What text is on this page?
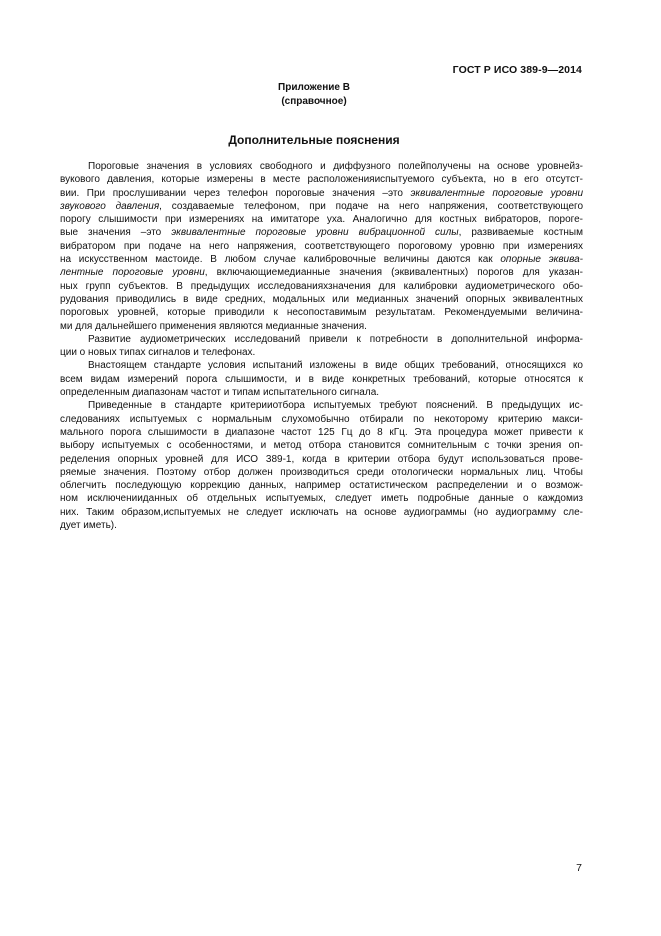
ГОСТ Р ИСО 389-9—2014
Приложение В
(справочное)
Дополнительные пояснения
Пороговые значения в условиях свободного и диффузного полейполучены на основе уровнейз-
вукового давления, которые измерены в месте расположенияиспытуемого субъекта, но в его отсутст-
вии. При прослушивании через телефон пороговые значения –это эквивалентные пороговые уровни
звукового давления, создаваемые телефоном, при подаче на него напряжения, соответствующего
порогу слышимости при измерениях на имитаторе уха. Аналогично для костных вибраторов, пороге-
вые значения –это эквивалентные пороговые уровни вибрационной силы, развиваемые костным
вибратором при подаче на него напряжения, соответствующего пороговому уровню при измерениях
на искусственном мастоиде. В любом случае калибровочные величины даются как опорные эквива-
лентные пороговые уровни, включающиемедианные значения (эквивалентных) порогов для указан-
ных групп субъектов. В предыдущих исследованияхзначения для калибровки аудиометрического обо-
рудования приводились в виде средних, модальных или медианных значений опорных эквивалентных
пороговых уровней, которые приводили к несопоставимым результатам. Рекомендуемыми величина-
ми для дальнейшего применения являются медианные значения.
Развитие аудиометрических исследований привели к потребности в дополнительной информа-
ции о новых типах сигналов и телефонах.
Внастоящем стандарте условия испытаний изложены в виде общих требований, относящихся ко
всем видам измерений порога слышимости, и в виде конкретных требований, которые относятся к
определенным диапазонам частот и типам испытательного сигнала.
Приведенные в стандарте критерииотбора испытуемых требуют пояснений. В предыдущих ис-
следованиях испытуемых с нормальным слухомобычно отбирали по некоторому критерию макси-
мального порога слышимости в диапазоне частот 125 Гц до 8 кГц. Эта процедура может привести к
выбору испытуемых с особенностями, и метод отбора становится сомнительным с точки зрения оп-
ределения опорных уровней для ИСО 389-1, когда в критерии отбора будут использоваться прове-
ряемые значения. Поэтому отбор должен производиться среди отологически нормальных лиц. Чтобы
облегчить последующую коррекцию данных, например остатистическом распределении и о возмож-
ном исключенииданных об отдельных испытуемых, следует иметь подробные данные о каждомиз
них. Таким образом,испытуемых не следует исключать на основе аудиограммы (но аудиограмму сле-
дует иметь).
7
